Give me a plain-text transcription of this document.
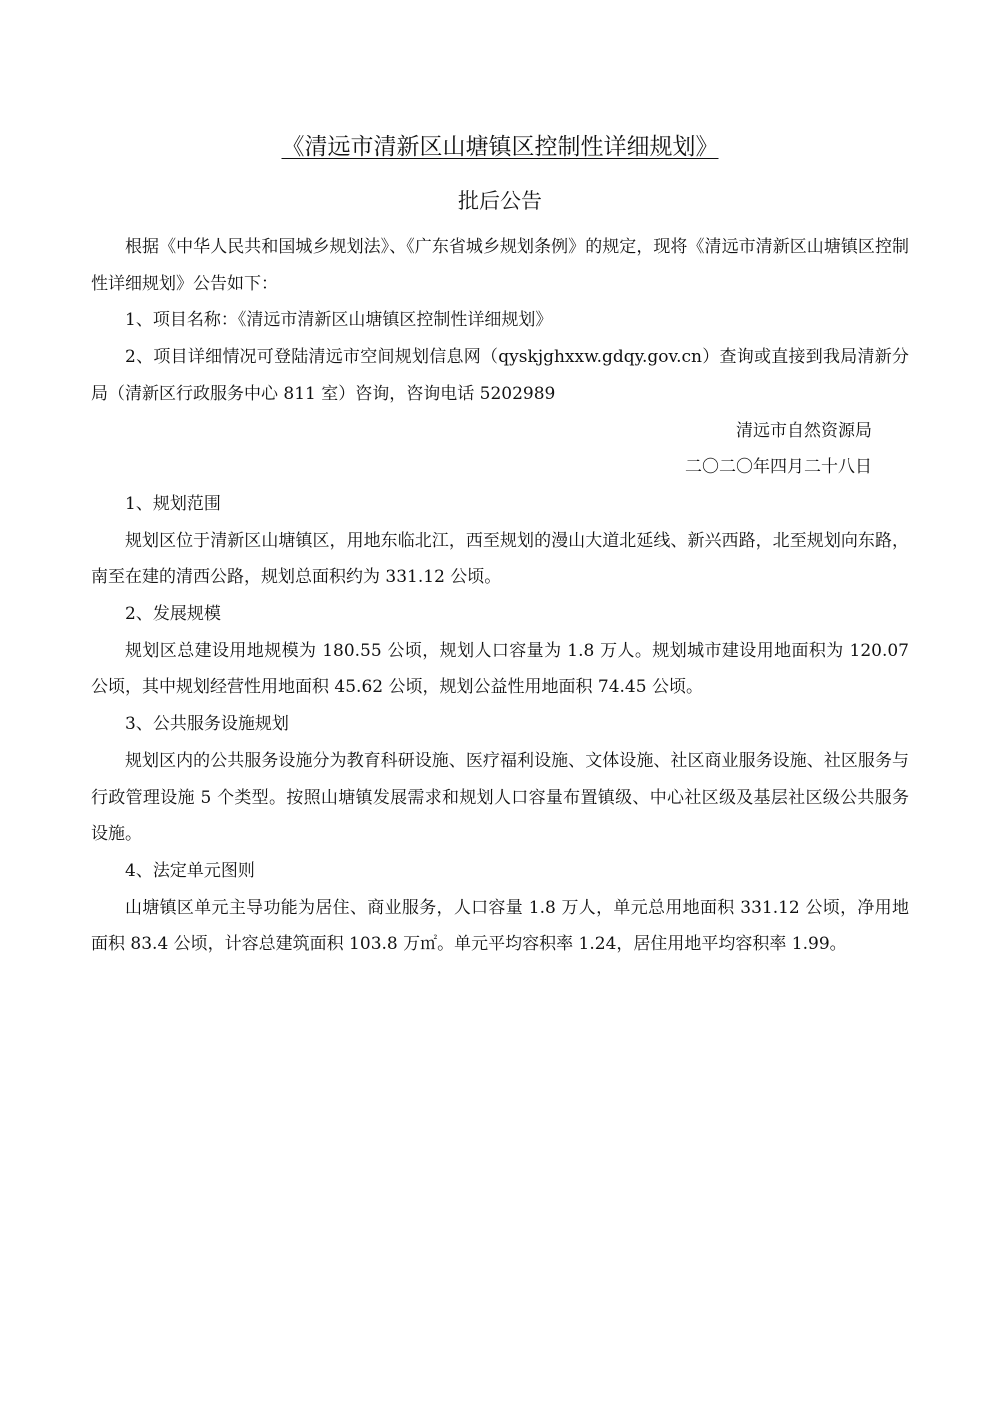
《清远市清新区山塘镇区控制性详细规划》
批后公告

根据《中华人民共和国城乡规划法》、《广东省城乡规划条例》的规定，现将《清远市清新区山塘镇区控制性详细规划》公告如下：

1、项目名称：《清远市清新区山塘镇区控制性详细规划》

2、项目详细情况可登陆清远市空间规划信息网（qyskjghxxw.gdqy.gov.cn）查询或直接到我局清新分局（清新区行政服务中心 811 室）咨询，咨询电话 5202989

清远市自然资源局

二〇二〇年四月二十八日

1、规划范围

规划区位于清新区山塘镇区，用地东临北江，西至规划的漫山大道北延线、新兴西路，北至规划向东路，南至在建的清西公路，规划总面积约为 331.12 公顷。

2、发展规模

规划区总建设用地规模为 180.55 公顷，规划人口容量为 1.8 万人。规划城市建设用地面积为 120.07 公顷，其中规划经营性用地面积 45.62 公顷，规划公益性用地面积 74.45 公顷。

3、公共服务设施规划

规划区内的公共服务设施分为教育科研设施、医疗福利设施、文体设施、社区商业服务设施、社区服务与行政管理设施 5 个类型。按照山塘镇发展需求和规划人口容量布置镇级、中心社区级及基层社区级公共服务设施。

4、法定单元图则

山塘镇区单元主导功能为居住、商业服务，人口容量 1.8 万人，单元总用地面积 331.12 公顷，净用地面积 83.4 公顷，计容总建筑面积 103.8 万㎡。单元平均容积率 1.24，居住用地平均容积率 1.99。
